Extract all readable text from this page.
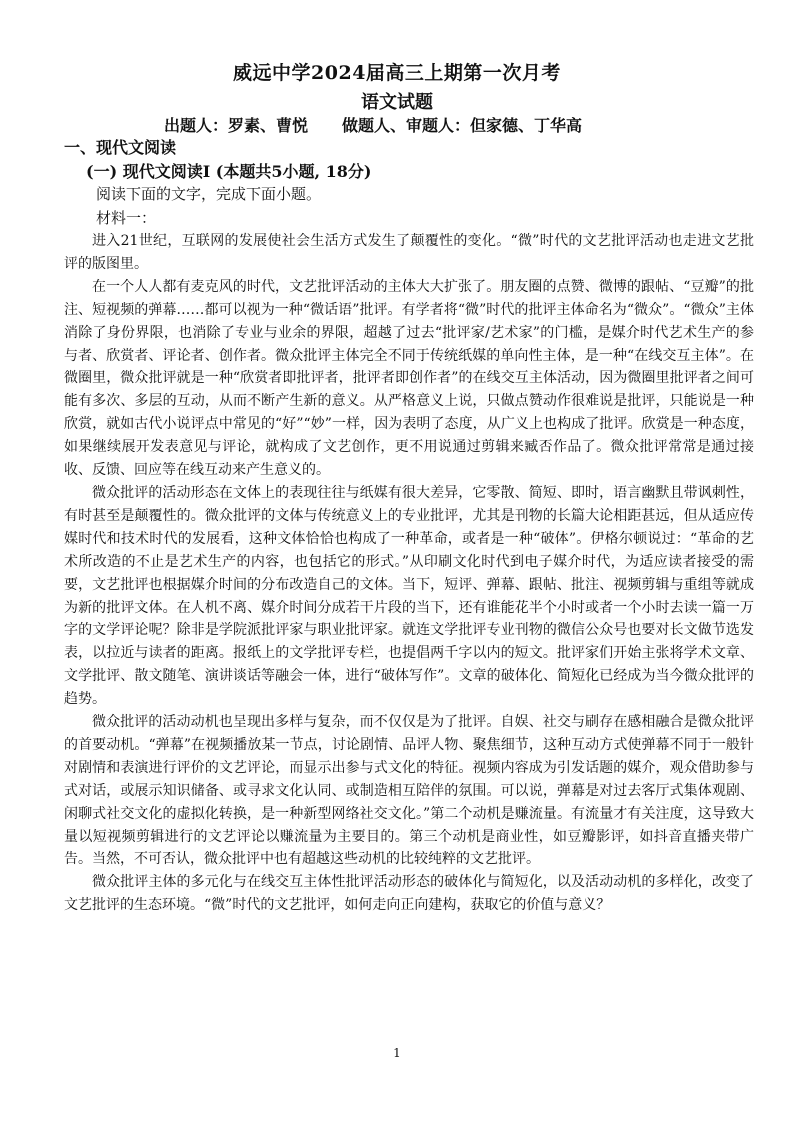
威远中学2024届高三上期第一次月考
语文试题
出题人：罗素、曹悦 做题人、审题人：但家德、丁华高
一、现代文阅读
(一) 现代文阅读I (本题共5小题, 18分)
阅读下面的文字，完成下面小题。
材料一：

进入21世纪，互联网的发展使社会生活方式发生了颠覆性的变化。“微”时代的文艺批评活动也走进文艺批评的版图里。

在一个人人都有麦克风的时代，文艺批评活动的主体大大扩张了。朋友圈的点赞、微博的跟帖、“豆瓣”的批注、短视频的弹幕……都可以视为一种“微话语”批评。有学者将“微”时代的批评主体命名为“微众”。“微众”主体消除了身份界限，也消除了专业与业余的界限，超越了过去“批评家/艺术家”的门槛，是媒介时代艺术生产的参与者、欣赏者、评论者、创作者。微众批评主体完全不同于传统纸媒的单向性主体，是一种“在线交互主体”。在微圈里，微众批评就是一种“欣赏者即批评者，批评者即创作者”的在线交互主体活动，因为微圈里批评者之间可能有多次、多层的互动，从而不断产生新的意义。从严格意义上说，只做点赞动作很难说是批评，只能说是一种欣赏，就如古代小说评点中常见的“好”“妙”一样，因为表明了态度，从广义上也构成了批评。欣赏是一种态度，如果继续展开发表意见与评论，就构成了文艺创作，更不用说通过剪辑来臧否作品了。微众批评常常是通过接收、反馈、回应等在线互动来产生意义的。

微众批评的活动形态在文体上的表现往往与纸媒有很大差异，它零散、简短、即时，语言幽默且带讽刺性，有时甚至是颠覆性的。微众批评的文体与传统意义上的专业批评，尤其是刊物的长篇大论相距甚远，但从适应传媒时代和技术时代的发展看，这种文体恰恰也构成了一种革命，或者是一种“破体”。伊格尔顿说过：“革命的艺术所改造的不止是艺术生产的内容，也包括它的形式。”从印刷文化时代到电子媒介时代，为适应读者接受的需要，文艺批评也根据媒介时间的分布改造自己的文体。当下，短评、弹幕、跟帖、批注、视频剪辑与重组等就成为新的批评文体。在人机不离、媒介时间分成若干片段的当下，还有谁能花半个小时或者一个小时去读一篇一万字的文学评论呢？除非是学院派批评家与职业批评家。就连文学批评专业刊物的微信公众号也要对长文做节选发表，以拉近与读者的距离。报纸上的文学批评专栏，也提倡两千字以内的短文。批评家们开始主张将学术文章、文学批评、散文随笔、演讲谈话等融会一体，进行“破体写作”。文章的破体化、简短化已经成为当今微众批评的趋势。

微众批评的活动动机也呈现出多样与复杂，而不仅仅是为了批评。自娱、社交与刷存在感相融合是微众批评的首要动机。“弹幕”在视频播放某一节点，讨论剧情、品评人物、聚焦细节，这种互动方式使弹幕不同于一般针对剧情和表演进行评价的文艺评论，而显示出参与式文化的特征。视频内容成为引发话题的媒介，观众借助参与式对话，或展示知识储备、或寻求文化认同、或制造相互陪伴的氛围。可以说，弹幕是对过去客厅式集体观剧、闲聊式社交文化的虚拟化转换，是一种新型网络社交文化。”第二个动机是赚流量。有流量才有关注度，这导致大量以短视频剪辑进行的文艺评论以赚流量为主要目的。第三个动机是商业性，如豆瓣影评，如抖音直播夹带广告。当然，不可否认，微众批评中也有超越这些动机的比较纯粹的文艺批评。

微众批评主体的多元化与在线交互主体性批评活动形态的破体化与简短化，以及活动动机的多样化，改变了文艺批评的生态环境。“微”时代的文艺批评，如何走向正向建构，获取它的价值与意义？

1
